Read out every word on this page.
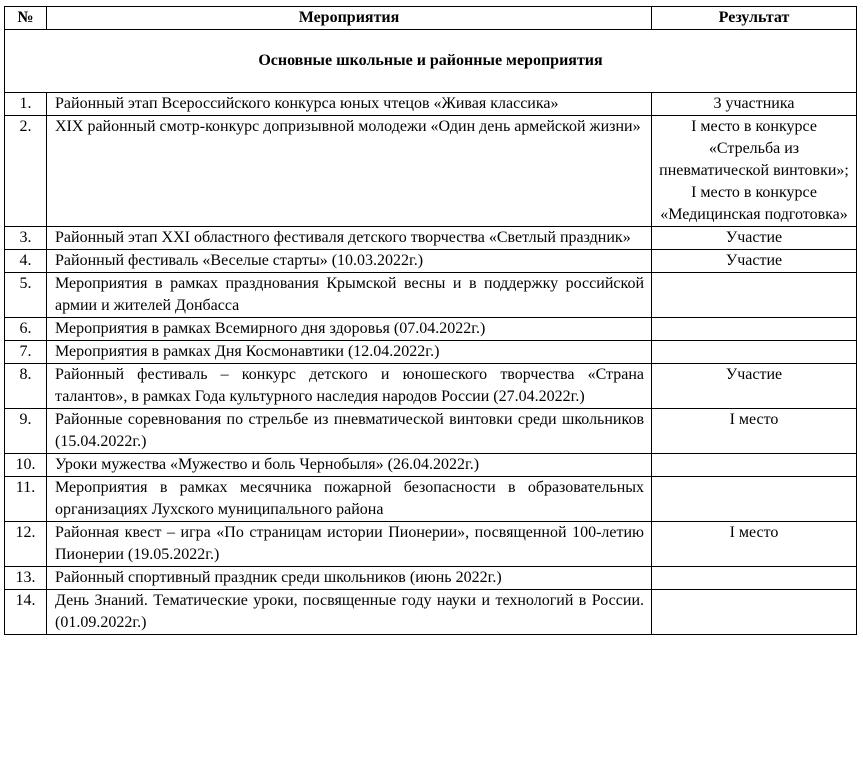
№	Мероприятия	Результат
Основные школьные и районные мероприятия		
1.	Районный этап Всероссийского конкурса юных чтецов «Живая классика»	3 участника
2.	XIX районный смотр-конкурс допризывной молодежи «Один день армейской жизни»	I место в конкурсе «Стрельба из пневматической винтовки»; I место в конкурсе «Медицинская подготовка»
3.	Районный этап XXI областного фестиваля детского творчества «Светлый праздник»	Участие
4.	Районный фестиваль «Веселые старты» (10.03.2022г.)	Участие
5.	Мероприятия в рамках празднования Крымской весны и в поддержку российской армии и жителей Донбасса	
6.	Мероприятия в рамках Всемирного дня здоровья (07.04.2022г.)	
7.	Мероприятия в рамках Дня Космонавтики (12.04.2022г.)	
8.	Районный фестиваль – конкурс детского и юношеского творчества «Страна талантов», в рамках Года культурного наследия народов России (27.04.2022г.)	Участие
9.	Районные соревнования по стрельбе из пневматической винтовки среди школьников (15.04.2022г.)	I место
10.	Уроки мужества «Мужество и боль Чернобыля» (26.04.2022г.)	
11.	Мероприятия в рамках месячника пожарной безопасности в образовательных организациях Лухского муниципального района	
12.	Районная квест – игра «По страницам истории Пионерии», посвященной 100-летию Пионерии (19.05.2022г.)	I место
13.	Районный спортивный праздник среди школьников (июнь 2022г.)	
14.	День Знаний. Тематические уроки, посвященные году науки и технологий в России. (01.09.2022г.)	
